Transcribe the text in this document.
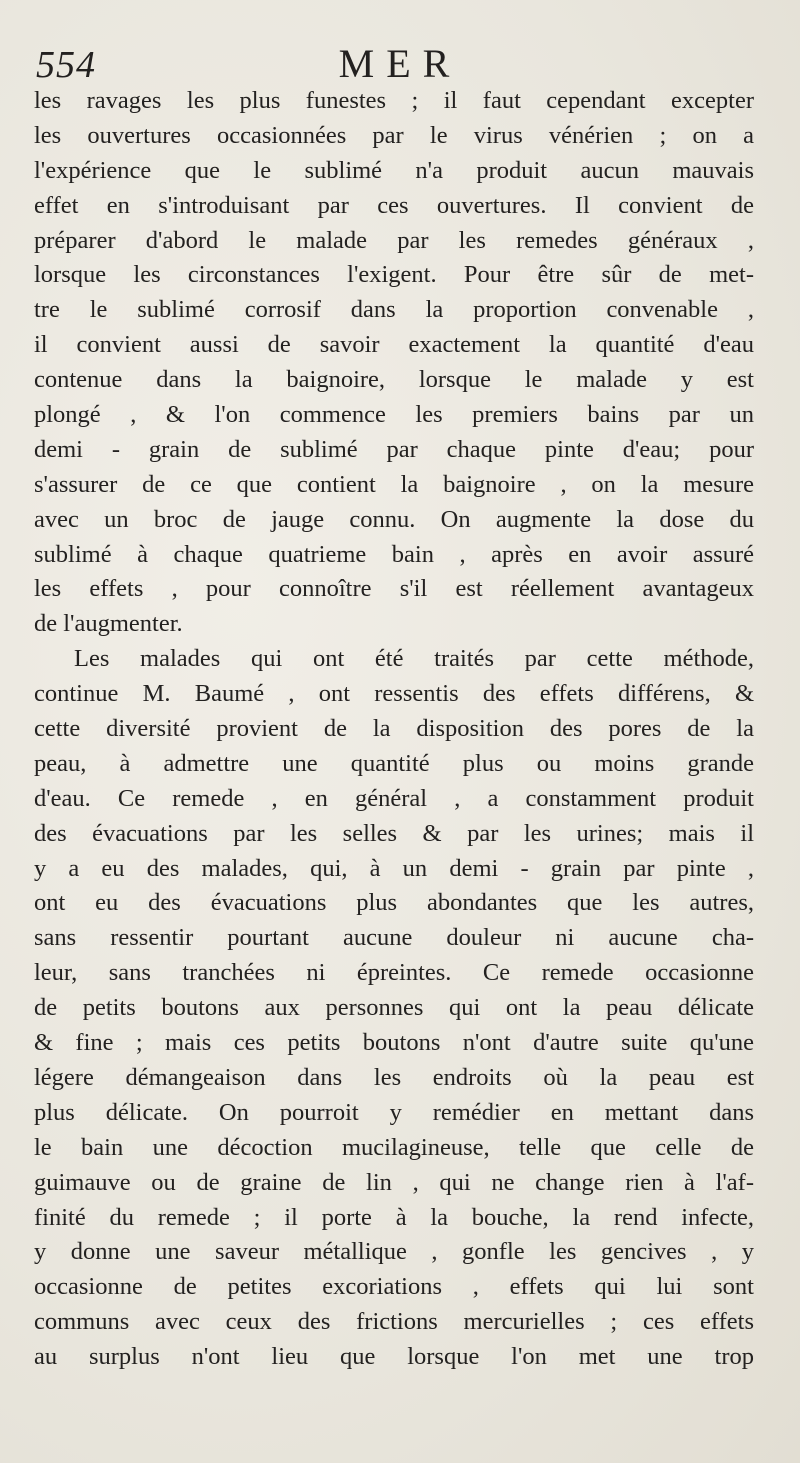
554	MER
les ravages les plus funestes ; il faut cependant excepter
les ouvertures occasionnées par le virus vénérien ; on a
l'expérience que le sublimé n'a produit aucun mauvais
effet en s'introduisant par ces ouvertures. Il convient de
préparer d'abord le malade par les remedes généraux ,
lorsque les circonstances l'exigent. Pour être sûr de met-
tre le sublimé corrosif dans la proportion convenable ,
il convient aussi de savoir exactement la quantité d'eau
contenue dans la baignoire, lorsque le malade y est
plongé , & l'on commence les premiers bains par un
demi - grain de sublimé par chaque pinte d'eau; pour
s'assurer de ce que contient la baignoire , on la mesure
avec un broc de jauge connu. On augmente la dose du
sublimé à chaque quatrieme bain , après en avoir assuré
les effets , pour connoître s'il est réellement avantageux
de l'augmenter.
Les malades qui ont été traités par cette méthode,
continue M. Baumé , ont ressentis des effets différens, &
cette diversité provient de la disposition des pores de la
peau, à admettre une quantité plus ou moins grande
d'eau. Ce remede , en général , a constamment produit
des évacuations par les selles & par les urines; mais il
y a eu des malades, qui, à un demi - grain par pinte ,
ont eu des évacuations plus abondantes que les autres,
sans ressentir pourtant aucune douleur ni aucune cha-
leur, sans tranchées ni épreintes. Ce remede occasionne
de petits boutons aux personnes qui ont la peau délicate
& fine ; mais ces petits boutons n'ont d'autre suite qu'une
légere démangeaison dans les endroits où la peau est
plus délicate. On pourroit y remédier en mettant dans
le bain une décoction mucilagineuse, telle que celle de
guimauve ou de graine de lin , qui ne change rien à l'af-
finité du remede ; il porte à la bouche, la rend infecte,
y donne une saveur métallique , gonfle les gencives , y
occasionne de petites excoriations , effets qui lui sont
communs avec ceux des frictions mercurielles ; ces effets
au surplus n'ont lieu que lorsque l'on met une trop
